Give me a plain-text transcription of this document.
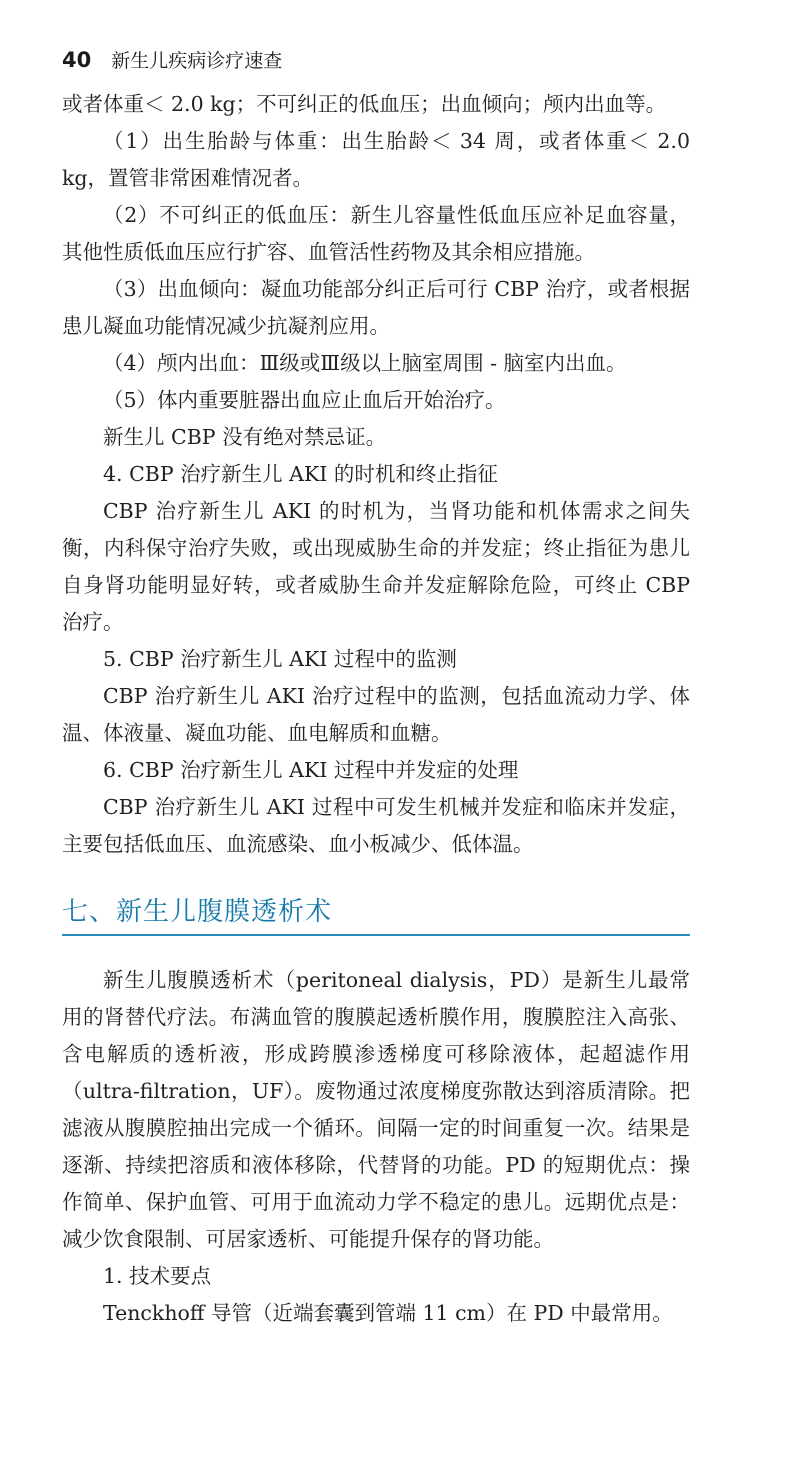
40 新生儿疾病诊疗速查

或者体重＜ 2.0 kg；不可纠正的低血压；出血倾向；颅内出血等。

（1）出生胎龄与体重：出生胎龄＜ 34 周，或者体重＜ 2.0 kg，置管非常困难情况者。

（2）不可纠正的低血压：新生儿容量性低血压应补足血容量，其他性质低血压应行扩容、血管活性药物及其余相应措施。

（3）出血倾向：凝血功能部分纠正后可行 CBP 治疗，或者根据患儿凝血功能情况减少抗凝剂应用。

（4）颅内出血：Ⅲ级或Ⅲ级以上脑室周围 - 脑室内出血。

（5）体内重要脏器出血应止血后开始治疗。

新生儿 CBP 没有绝对禁忌证。

4. CBP 治疗新生儿 AKI 的时机和终止指征

CBP 治疗新生儿 AKI 的时机为，当肾功能和机体需求之间失衡，内科保守治疗失败，或出现威胁生命的并发症；终止指征为患儿自身肾功能明显好转，或者威胁生命并发症解除危险，可终止 CBP 治疗。

5. CBP 治疗新生儿 AKI 过程中的监测

CBP 治疗新生儿 AKI 治疗过程中的监测，包括血流动力学、体温、体液量、凝血功能、血电解质和血糖。

6. CBP 治疗新生儿 AKI 过程中并发症的处理

CBP 治疗新生儿 AKI 过程中可发生机械并发症和临床并发症，主要包括低血压、血流感染、血小板减少、低体温。

七、新生儿腹膜透析术

新生儿腹膜透析术（peritoneal dialysis，PD）是新生儿最常用的肾替代疗法。布满血管的腹膜起透析膜作用，腹膜腔注入高张、含电解质的透析液，形成跨膜渗透梯度可移除液体，起超滤作用（ultra-filtration，UF）。废物通过浓度梯度弥散达到溶质清除。把滤液从腹膜腔抽出完成一个循环。间隔一定的时间重复一次。结果是逐渐、持续把溶质和液体移除，代替肾的功能。PD 的短期优点：操作简单、保护血管、可用于血流动力学不稳定的患儿。远期优点是：减少饮食限制、可居家透析、可能提升保存的肾功能。

1. 技术要点

Tenckhoff 导管（近端套囊到管端 11 cm）在 PD 中最常用。
